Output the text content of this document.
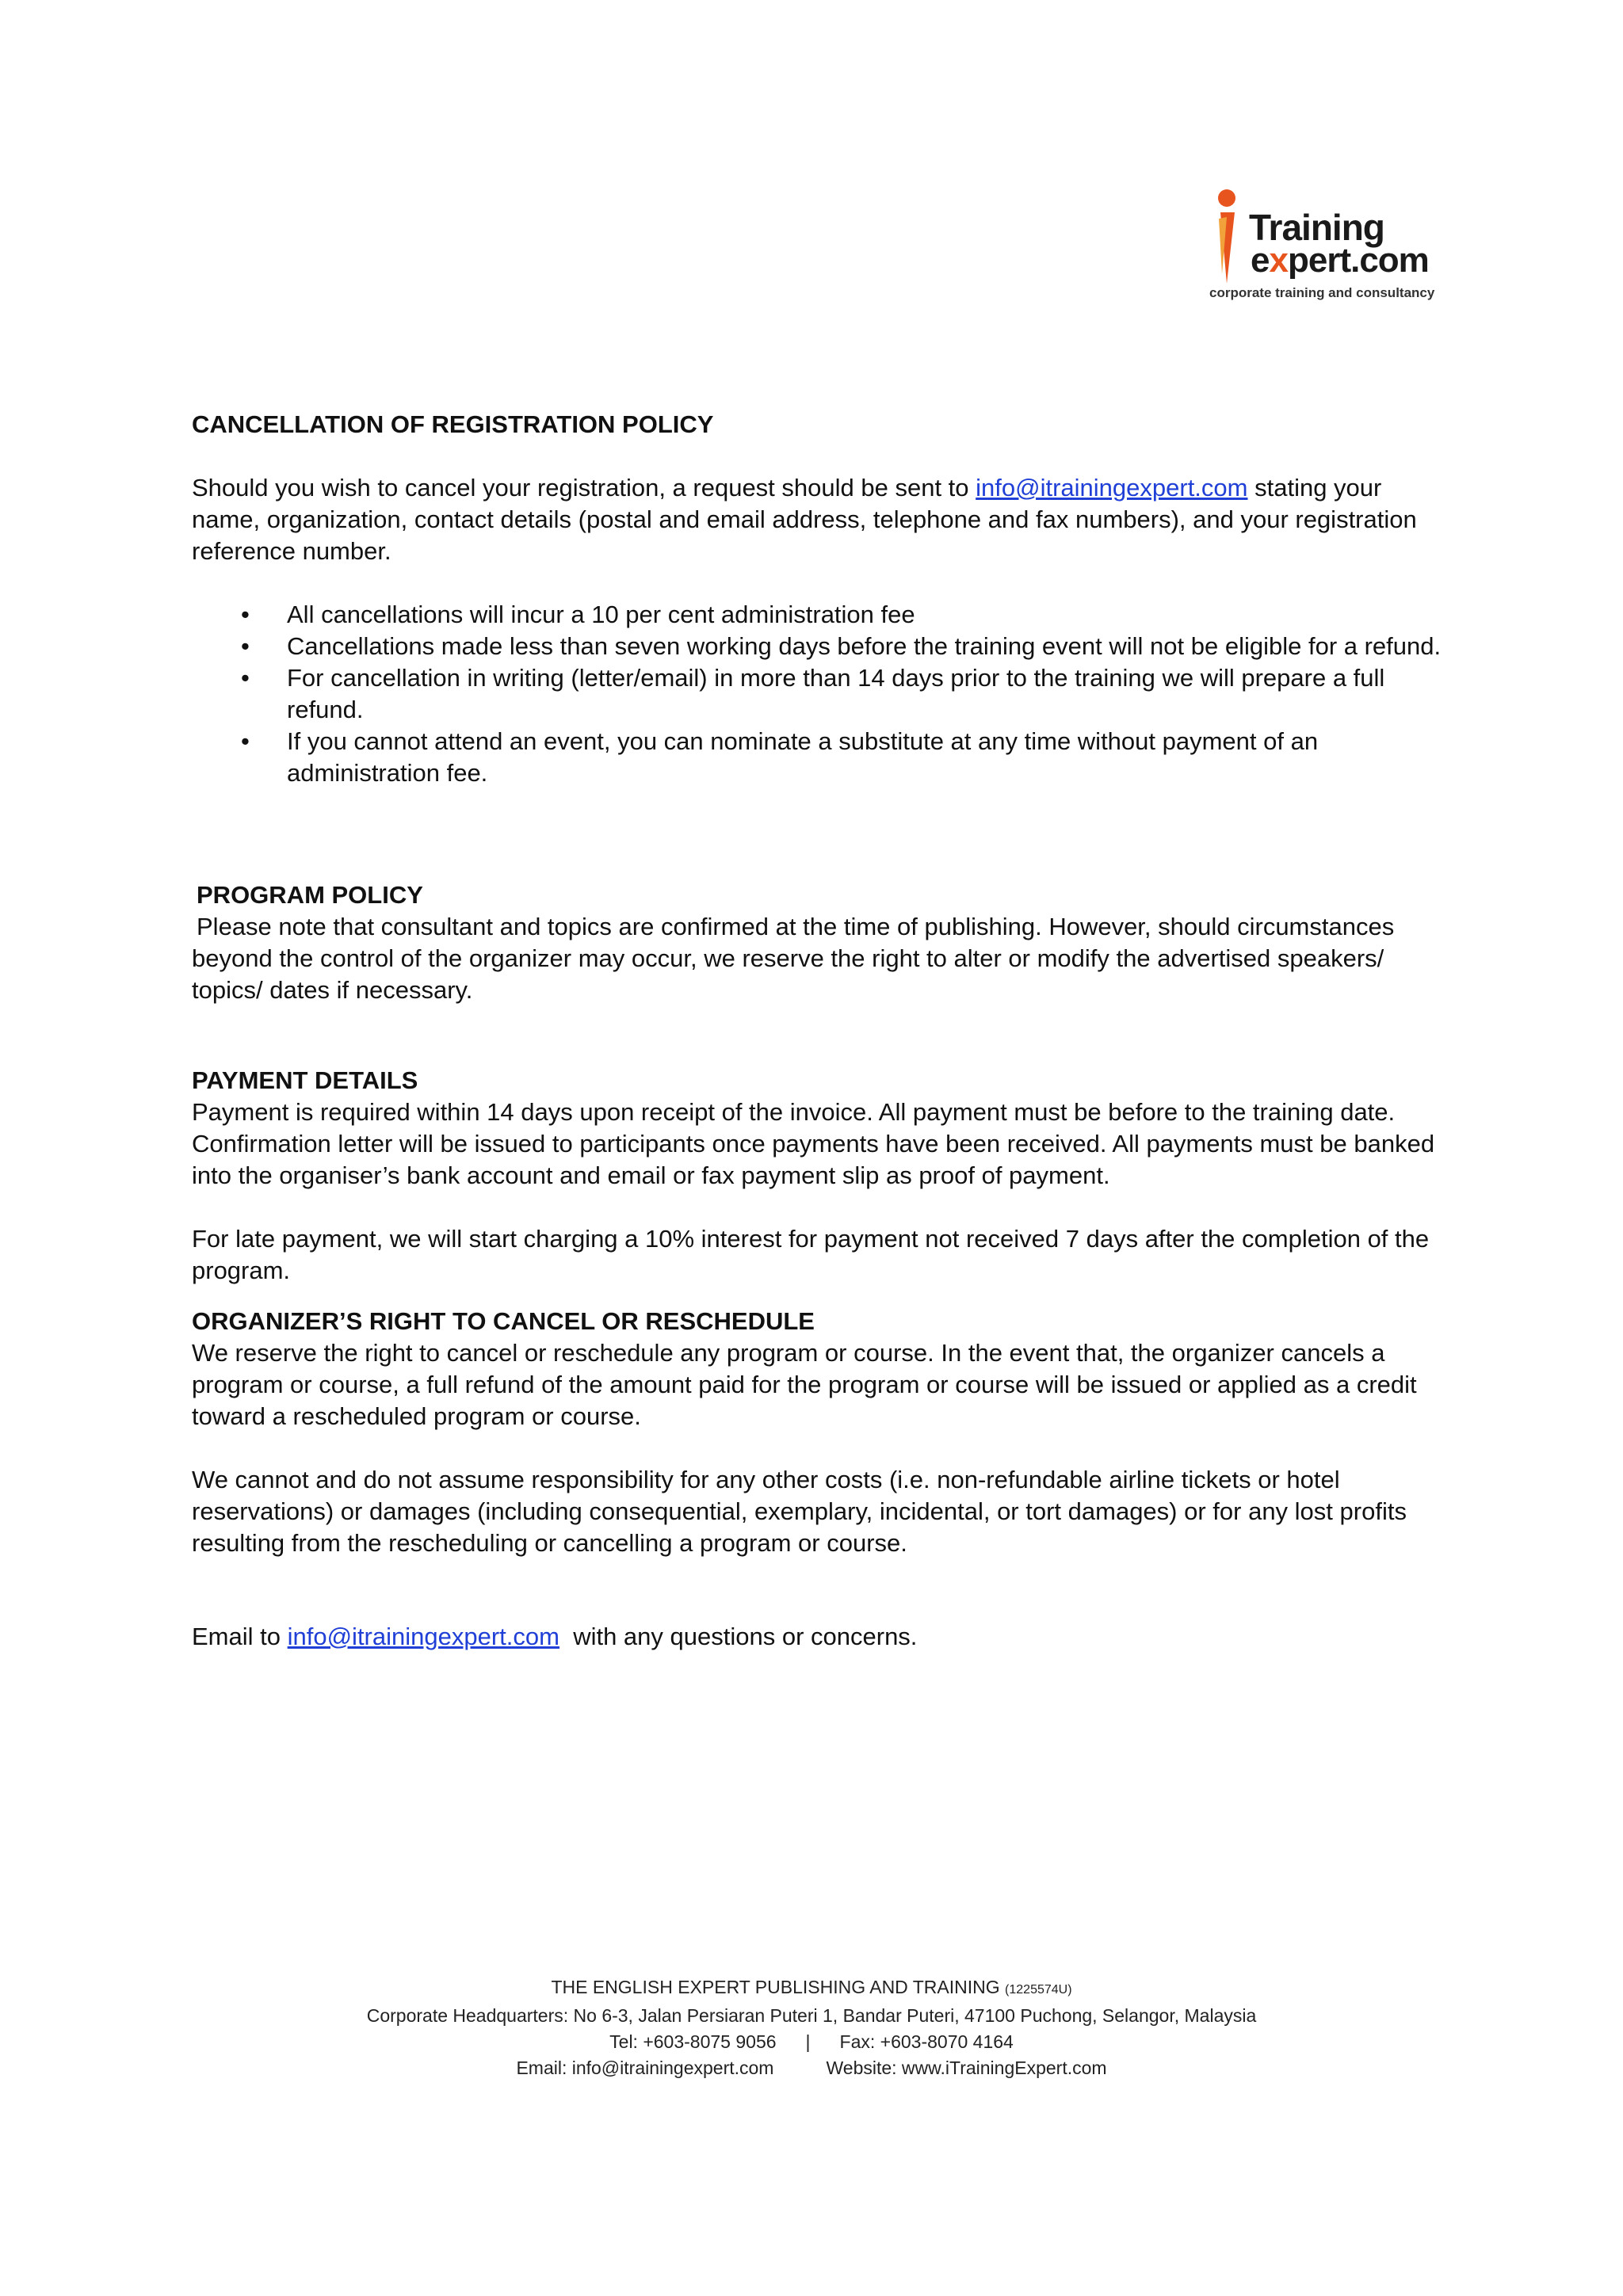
Training
expert.com
corporate training and consultancy

CANCELLATION OF REGISTRATION POLICY

Should you wish to cancel your registration, a request should be sent to info@itrainingexpert.com stating your name, organization, contact details (postal and email address, telephone and fax numbers), and your registration reference number.

• All cancellations will incur a 10 per cent administration fee
• Cancellations made less than seven working days before the training event will not be eligible for a refund.
• For cancellation in writing (letter/email) in more than 14 days prior to the training we will prepare a full refund.
• If you cannot attend an event, you can nominate a substitute at any time without payment of an administration fee.

PROGRAM POLICY

Please note that consultant and topics are confirmed at the time of publishing. However, should circumstances beyond the control of the organizer may occur, we reserve the right to alter or modify the advertised speakers/ topics/ dates if necessary.

PAYMENT DETAILS

Payment is required within 14 days upon receipt of the invoice. All payment must be before to the training date. Confirmation letter will be issued to participants once payments have been received. All payments must be banked into the organiser’s bank account and email or fax payment slip as proof of payment.

For late payment, we will start charging a 10% interest for payment not received 7 days after the completion of the program.

ORGANIZER’S RIGHT TO CANCEL OR RESCHEDULE

We reserve the right to cancel or reschedule any program or course. In the event that, the organizer cancels a program or course, a full refund of the amount paid for the program or course will be issued or applied as a credit toward a rescheduled program or course.

We cannot and do not assume responsibility for any other costs (i.e. non-refundable airline tickets or hotel reservations) or damages (including consequential, exemplary, incidental, or tort damages) or for any lost profits resulting from the rescheduling or cancelling a program or course.

Email to info@itrainingexpert.com  with any questions or concerns.

THE ENGLISH EXPERT PUBLISHING AND TRAINING (1225574U)
Corporate Headquarters: No 6-3, Jalan Persiaran Puteri 1, Bandar Puteri, 47100 Puchong, Selangor, Malaysia
Tel: +603-8075 9056 | Fax: +603-8070 4164
Email: info@itrainingexpert.com	Website: www.iTrainingExpert.com
